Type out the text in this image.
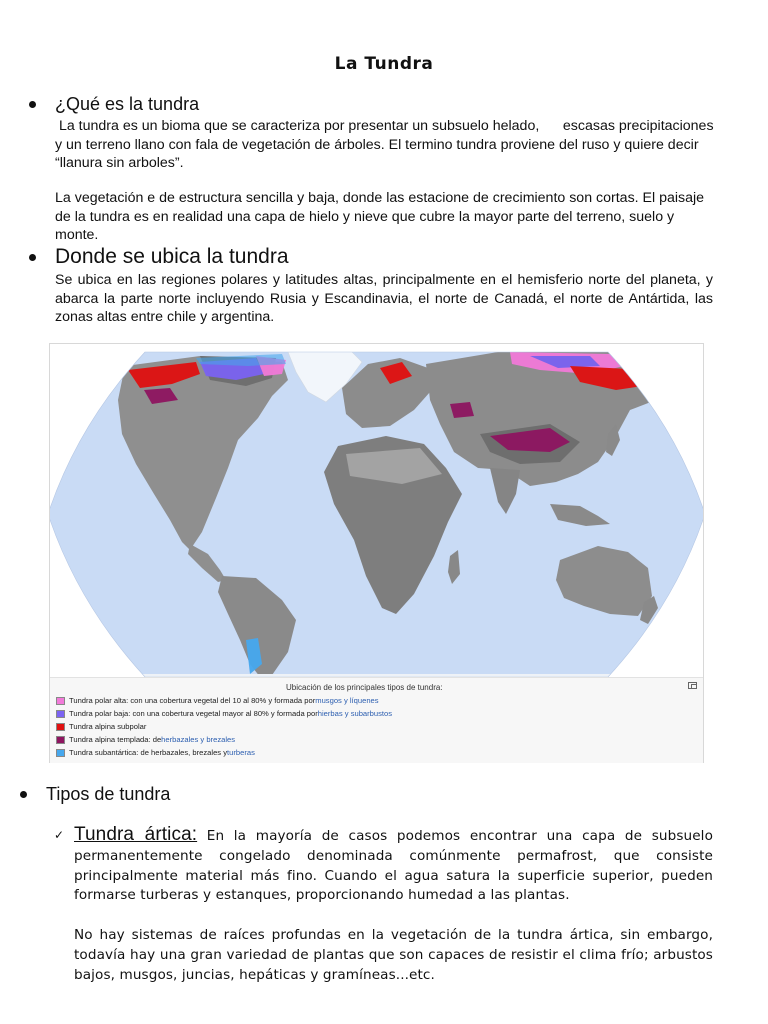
La Tundra
¿Qué es la tundra

La tundra es un bioma que se caracteriza por presentar un subsuelo helado,      escasas precipitaciones y un terreno llano con fala de vegetación de árboles. El termino tundra proviene del ruso y quiere decir “llanura sin arboles”.

La vegetación e de estructura sencilla y baja, donde las estacione de crecimiento son cortas. El paisaje de la tundra es en realidad una capa de hielo y nieve que cubre la mayor parte del terreno, suelo y monte.

Donde se ubica la tundra

Se ubica en las regiones polares y latitudes altas, principalmente en el hemisferio norte del planeta, y abarca la parte norte incluyendo Rusia y Escandinavia, el norte de Canadá, el norte de Antártida, las zonas altas entre chile y argentina.

Ubicación de los principales tipos de tundra:
Tundra polar alta: con una cobertura vegetal del 10 al 80% y formada por musgos y líquenes
Tundra polar baja: con una cobertura vegetal mayor al 80% y formada por hierbas y subarbustos
Tundra alpina subpolar
Tundra alpina templada: de herbazales y brezales
Tundra subantártica: de herbazales, brezales y turberas
Tipos de tundra
✓ Tundra ártica: En la mayoría de casos podemos encontrar una capa de subsuelo permanentemente congelado denominada comúnmente permafrost, que consiste principalmente material más fino. Cuando el agua satura la superficie superior, pueden formarse turberas y estanques, proporcionando humedad a las plantas.

No hay sistemas de raíces profundas en la vegetación de la tundra ártica, sin embargo, todavía hay una gran variedad de plantas que son capaces de resistir el clima frío; arbustos bajos, musgos, juncias, hepáticas y gramíneas...etc.
